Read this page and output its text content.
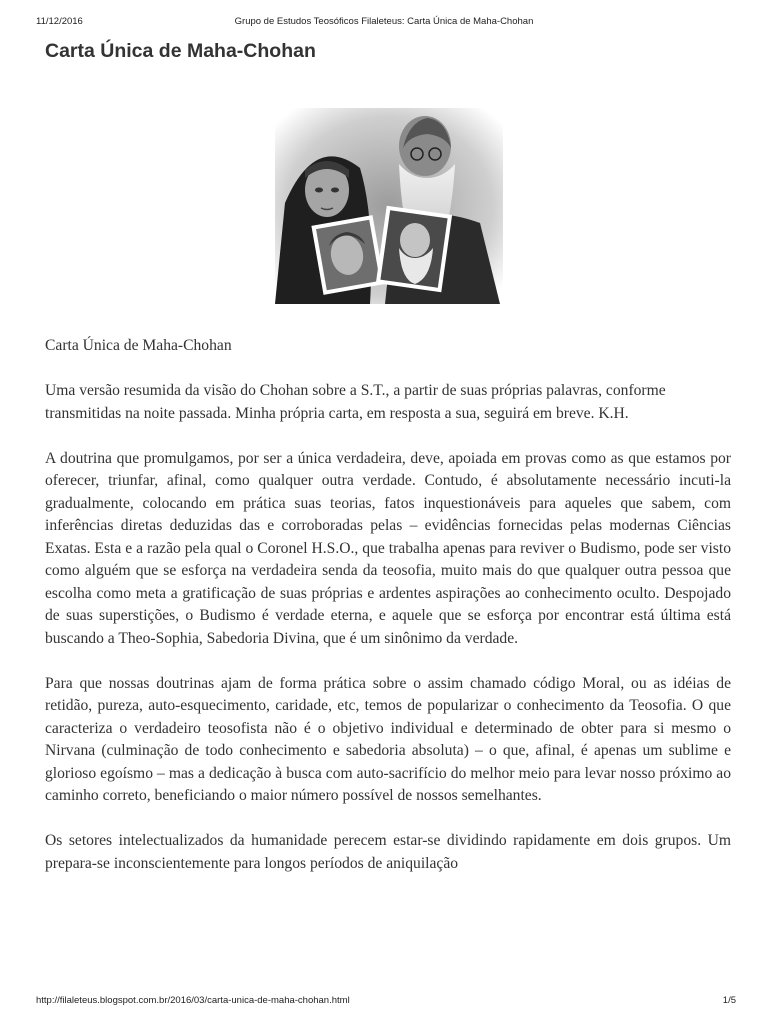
11/12/2016	Grupo de Estudos Teosóficos Filaleteus: Carta Única de Maha-Chohan
Carta Única de Maha-Chohan

Carta Única de Maha-Chohan

Uma versão resumida da visão do Chohan sobre a S.T., a partir de suas próprias palavras, conforme transmitidas na noite passada. Minha própria carta, em resposta a sua, seguirá em breve. K.H.

A doutrina que promulgamos, por ser a única verdadeira, deve, apoiada em provas como as que estamos por oferecer, triunfar, afinal, como qualquer outra verdade. Contudo, é absolutamente necessário incuti-la gradualmente, colocando em prática suas teorias, fatos inquestionáveis para aqueles que sabem, com inferências diretas deduzidas das e corroboradas pelas – evidências fornecidas pelas modernas Ciências Exatas. Esta e a razão pela qual o Coronel H.S.O., que trabalha apenas para reviver o Budismo, pode ser visto como alguém que se esforça na verdadeira senda da teosofia, muito mais do que qualquer outra pessoa que escolha como meta a gratificação de suas próprias e ardentes aspirações ao conhecimento oculto. Despojado de suas superstições, o Budismo é verdade eterna, e aquele que se esforça por encontrar está última está buscando a Theo-Sophia, Sabedoria Divina, que é um sinônimo da verdade.

Para que nossas doutrinas ajam de forma prática sobre o assim chamado código Moral, ou as idéias de retidão, pureza, auto-esquecimento, caridade, etc, temos de popularizar o conhecimento da Teosofia. O que caracteriza o verdadeiro teosofista não é o objetivo individual e determinado de obter para si mesmo o Nirvana (culminação de todo conhecimento e sabedoria absoluta) – o que, afinal, é apenas um sublime e glorioso egoísmo – mas a dedicação à busca com auto-sacrifício do melhor meio para levar nosso próximo ao caminho correto, beneficiando o maior número possível de nossos semelhantes.

Os setores intelectualizados da humanidade perecem estar-se dividindo rapidamente em dois grupos. Um prepara-se inconscientemente para longos períodos de aniquilação

http://filaleteus.blogspot.com.br/2016/03/carta-unica-de-maha-chohan.html	1/5
